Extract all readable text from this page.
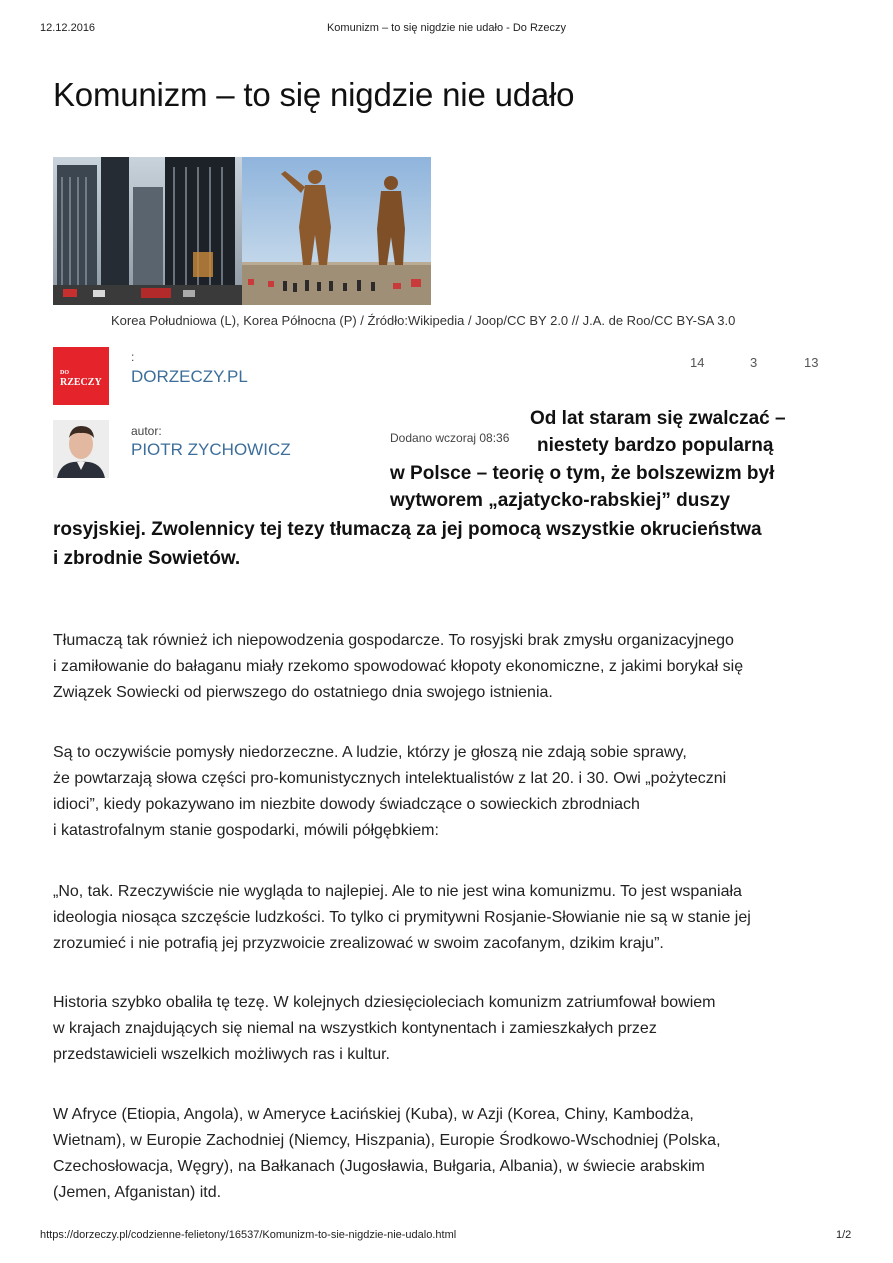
12.12.2016	Komunizm – to się nigdzie nie udało - Do Rzeczy
Komunizm – to się nigdzie nie udało
Korea Południowa (L), Korea Północna (P) / Źródło:Wikipedia / Joop/CC BY 2.0 // J.A. de Roo/CC BY-SA 3.0
DO
RZECZY
:
DORZECZY.PL
14	3	13
autor:
PIOTR ZYCHOWICZ
Dodano wczoraj 08:36
Od lat staram się zwalczać –
niestety bardzo popularną
w Polsce – teorię o tym, że bolszewizm był
wytworem „azjatycko-rabskiej” duszy
rosyjskiej. Zwolennicy tej tezy tłumaczą za jej pomocą wszystkie okrucieństwa
i zbrodnie Sowietów.
Tłumaczą tak również ich niepowodzenia gospodarcze. To rosyjski brak zmysłu organizacyjnego
i zamiłowanie do bałaganu miały rzekomo spowodować kłopoty ekonomiczne, z jakimi borykał się
Związek Sowiecki od pierwszego do ostatniego dnia swojego istnienia.
Są to oczywiście pomysły niedorzeczne. A ludzie, którzy je głoszą nie zdają sobie sprawy,
że powtarzają słowa części pro-komunistycznych intelektualistów z lat 20. i 30. Owi „pożyteczni
idioci”, kiedy pokazywano im niezbite dowody świadczące o sowieckich zbrodniach
i katastrofalnym stanie gospodarki, mówili półgębkiem:
„No, tak. Rzeczywiście nie wygląda to najlepiej. Ale to nie jest wina komunizmu. To jest wspaniała
ideologia niosąca szczęście ludzkości. To tylko ci prymitywni Rosjanie-Słowianie nie są w stanie jej
zrozumieć i nie potrafią jej przyzwoicie zrealizować w swoim zacofanym, dzikim kraju”.
Historia szybko obaliła tę tezę. W kolejnych dziesięcioleciach komunizm zatriumfował bowiem
w krajach znajdujących się niemal na wszystkich kontynentach i zamieszkałych przez
przedstawicieli wszelkich możliwych ras i kultur.
W Afryce (Etiopia, Angola), w Ameryce Łacińskiej (Kuba), w Azji (Korea, Chiny, Kambodża,
Wietnam), w Europie Zachodniej (Niemcy, Hiszpania), Europie Środkowo-Wschodniej (Polska,
Czechosłowacja, Węgry), na Bałkanach (Jugosławia, Bułgaria, Albania), w świecie arabskim
(Jemen, Afganistan) itd.
https://dorzeczy.pl/codzienne-felietony/16537/Komunizm-to-sie-nigdzie-nie-udalo.html	1/2
